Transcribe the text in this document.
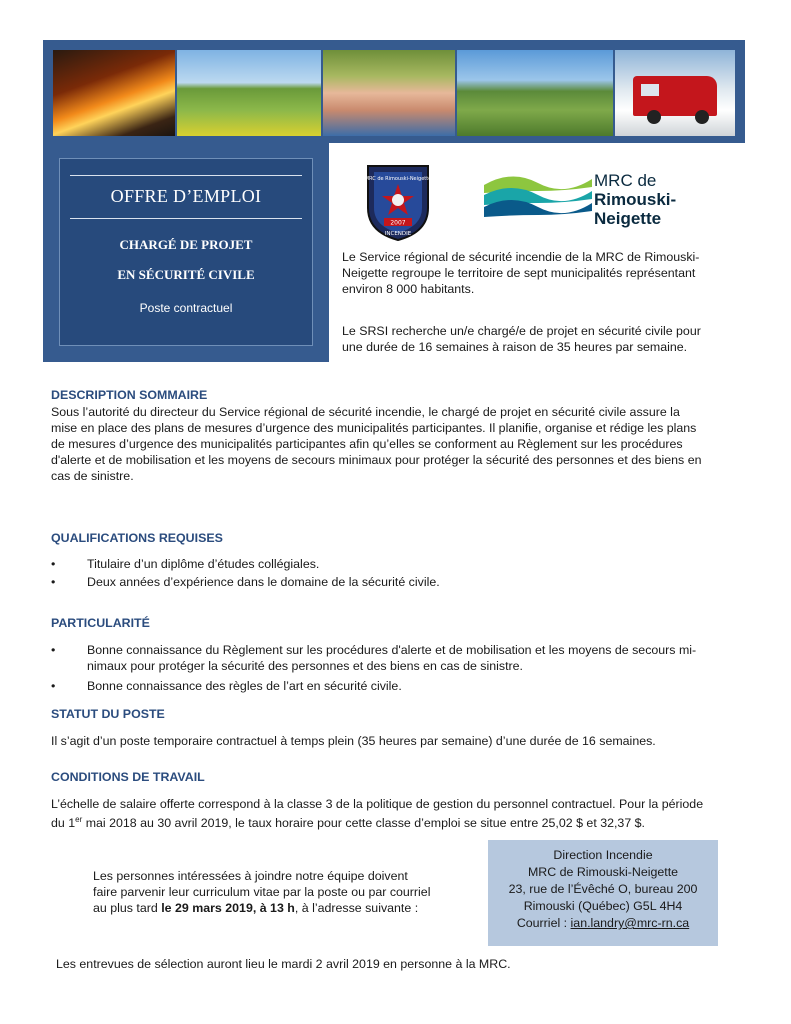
OFFRE D’EMPLOI
CHARGÉ DE PROJET
EN SÉCURITÉ CIVILE
Poste contractuel
MRC de Rimouski-Neigette
2007
INCENDIE
MRC de
Rimouski-Neigette
Le Service régional de sécurité incendie de la MRC de Rimouski-
Neigette regroupe le territoire de sept municipalités représentant
environ 8 000 habitants.
Le SRSI recherche un/e chargé/e de projet en sécurité civile pour
une durée de 16 semaines à raison de 35 heures par semaine.
DESCRIPTION SOMMAIRE
Sous l’autorité du directeur du Service régional de sécurité incendie, le chargé de projet en sécurité civile assure la
mise en place des plans de mesures d’urgence des municipalités participantes. Il planifie, organise et rédige les plans
de mesures d’urgence des municipalités participantes afin qu’elles se conforment au Règlement sur les procédures
d'alerte et de mobilisation et les moyens de secours minimaux pour protéger la sécurité des personnes et des biens en
cas de sinistre.
QUALIFICATIONS REQUISES
•	Titulaire d’un diplôme d’études collégiales.
•	Deux années d’expérience dans le domaine de la sécurité civile.
PARTICULARITÉ
•	Bonne connaissance du Règlement sur les procédures d'alerte et de mobilisation et les moyens de secours mi-
nimaux pour protéger la sécurité des personnes et des biens en cas de sinistre.
•	Bonne connaissance des règles de l’art en sécurité civile.
STATUT DU POSTE
Il s’agit d’un poste temporaire contractuel à temps plein (35 heures par semaine) d’une durée de 16 semaines.
CONDITIONS DE TRAVAIL
L’échelle de salaire offerte correspond à la classe 3 de la politique de gestion du personnel contractuel. Pour la période
du 1er mai 2018 au 30 avril 2019, le taux horaire pour cette classe d’emploi se situe entre 25,02 $ et 32,37 $.
Les personnes intéressées à joindre notre équipe doivent
faire parvenir leur curriculum vitae par la poste ou par courriel
au plus tard le 29 mars 2019, à 13 h, à l’adresse suivante :
Direction Incendie
MRC de Rimouski-Neigette
23, rue de l’Évêché O, bureau 200
Rimouski (Québec) G5L 4H4
Courriel : ian.landry@mrc-rn.ca
Les entrevues de sélection auront lieu le mardi 2 avril 2019 en personne à la MRC.
